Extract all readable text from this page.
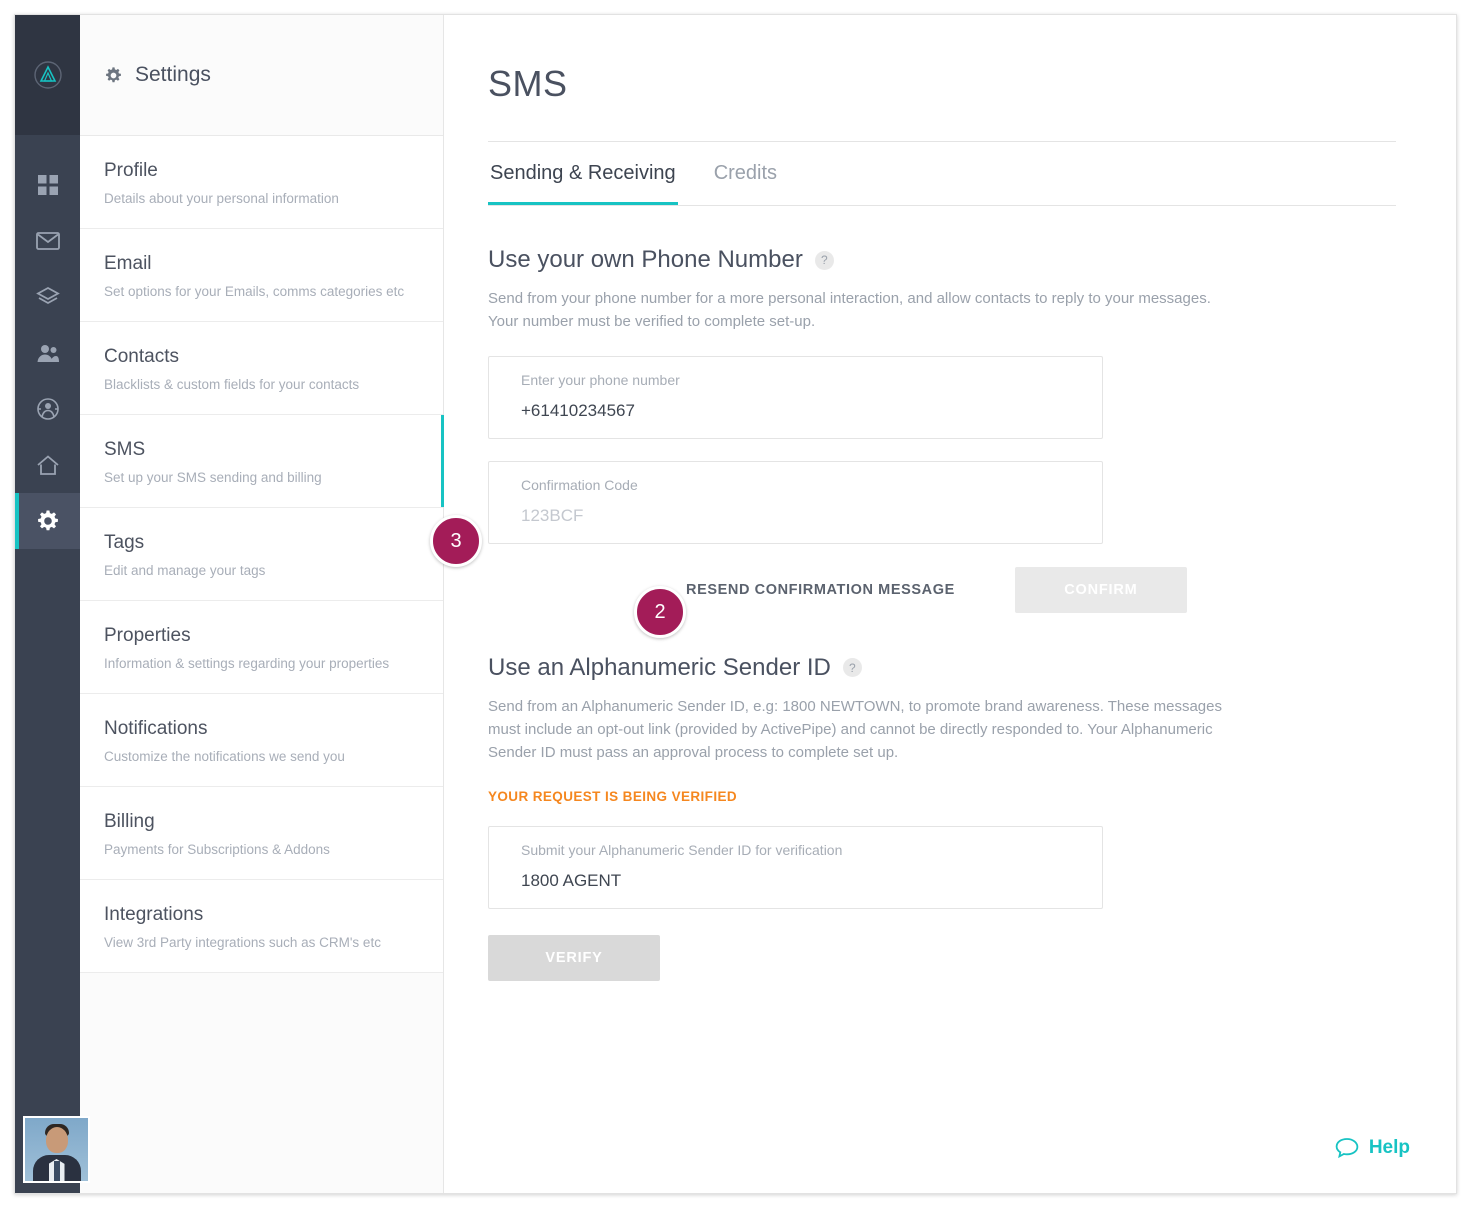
Settings
Profile
Details about your personal information
Email
Set options for your Emails, comms categories etc
Contacts
Blacklists & custom fields for your contacts
SMS
Set up your SMS sending and billing
Tags
Edit and manage your tags
Properties
Information & settings regarding your properties
Notifications
Customize the notifications we send you
Billing
Payments for Subscriptions & Addons
Integrations
View 3rd Party integrations such as CRM's etc
SMS
Sending & Receiving Credits
Use your own Phone Number	?
Send from your phone number for a more personal interaction, and allow contacts to reply to your messages. Your number must be verified to complete set-up.
Enter your phone number
+61410234567
Confirmation Code
123BCF
RESEND CONFIRMATION MESSAGE	CONFIRM
Use an Alphanumeric Sender ID	?
Send from an Alphanumeric Sender ID, e.g: 1800 NEWTOWN, to promote brand awareness. These messages must include an opt-out link (provided by ActivePipe) and cannot be directly responded to. Your Alphanumeric Sender ID must pass an approval process to complete set up.
YOUR REQUEST IS BEING VERIFIED
Submit your Alphanumeric Sender ID for verification
1800 AGENT
VERIFY
Help
3
2
